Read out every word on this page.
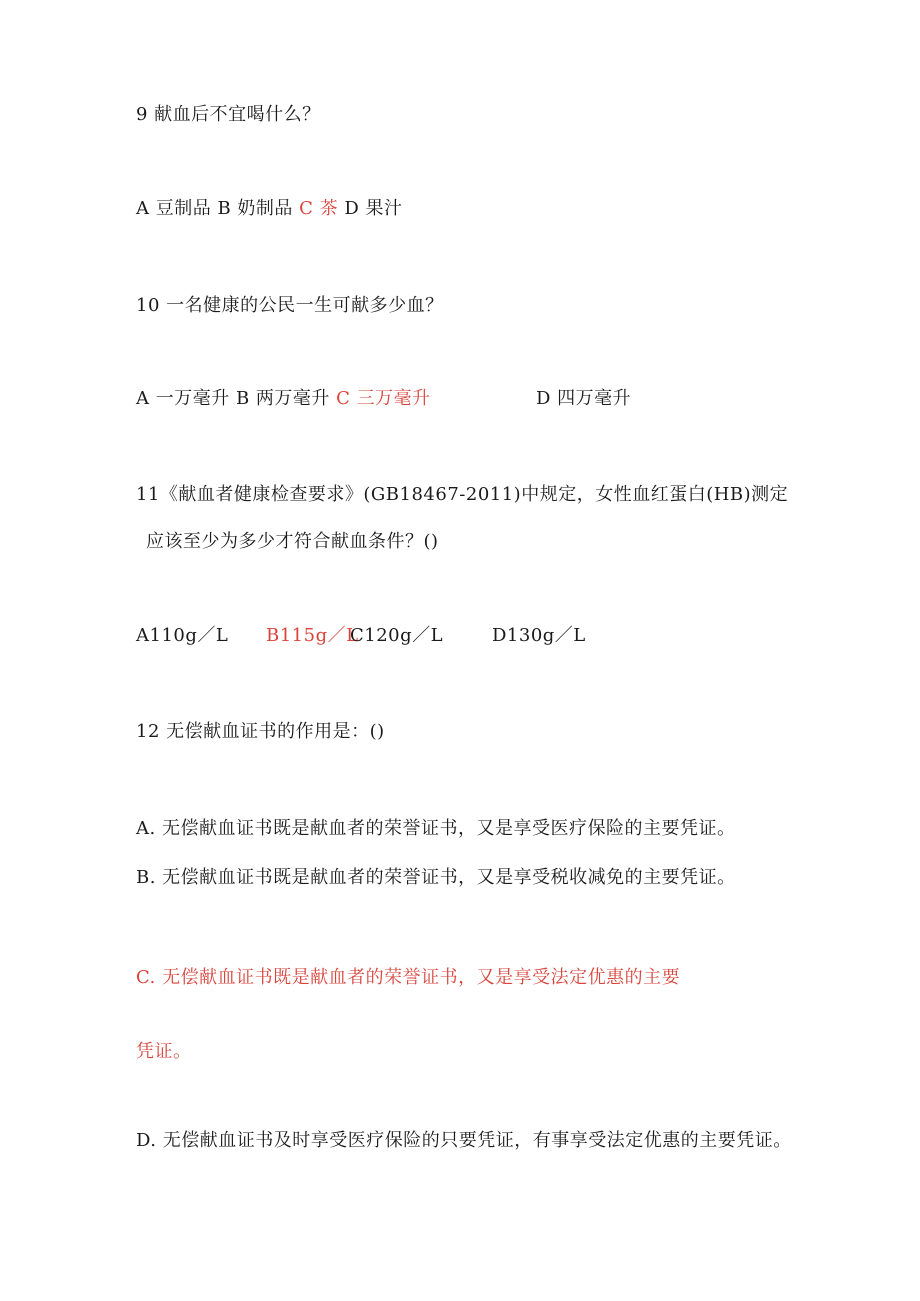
9 献血后不宜喝什么？
A 豆制品 B 奶制品 C 茶 D 果汁
10 一名健康的公民一生可献多少血？
A 一万毫升 B 两万毫升 C 三万毫升	D 四万毫升
11《献血者健康检查要求》(GB18467-2011)中规定，女性血红蛋白(HB)测定
应该至少为多少才符合献血条件？()
A110g／L B115g／L
C120g／L	D130g／L
12 无偿献血证书的作用是：()
A. 无偿献血证书既是献血者的荣誉证书，又是享受医疗保险的主要凭证。
B. 无偿献血证书既是献血者的荣誉证书，又是享受税收减免的主要凭证。
C. 无偿献血证书既是献血者的荣誉证书，又是享受法定优惠的主要
凭证。
D. 无偿献血证书及时享受医疗保险的只要凭证，有事享受法定优惠的主要凭证。
